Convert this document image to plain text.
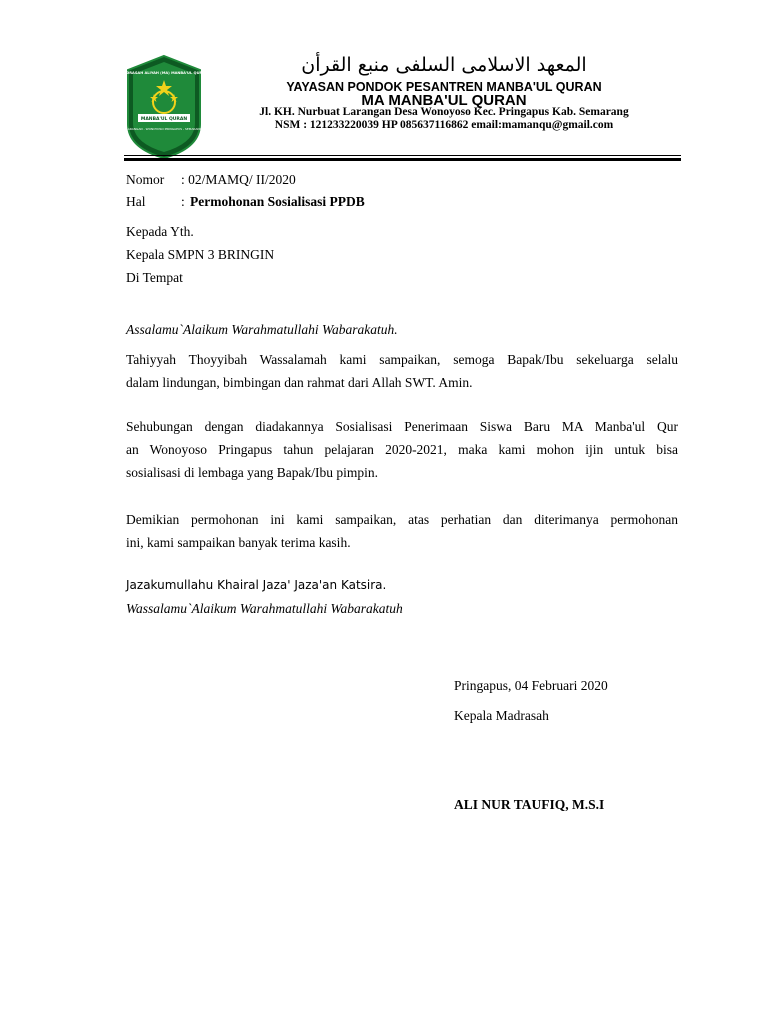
MADRASAH ALIYAH (MA) MANBA'UL QURAN
MANBA'UL QURAN
LARANGAN - WONOYOSO PRINGAPUS - SEMARANG
المعهد الاسلامى السلفى منبع القرأن
YAYASAN PONDOK PESANTREN MANBA'UL QURAN
MA MANBA'UL QURAN
Jl. KH. Nurbuat Larangan Desa Wonoyoso Kec. Pringapus Kab. Semarang
NSM : 121233220039 HP 085637116862 email:mamanqu@gmail.com
Nomor : 02/MAMQ/ II/2020
Hal	: Permohonan Sosialisasi PPDB
Kepada Yth.
Kepala SMPN 3 BRINGIN
Di Tempat
Assalamu`Alaikum Warahmatullahi Wabarakatuh.
Tahiyyah Thoyyibah Wassalamah kami sampaikan, semoga Bapak/Ibu sekeluarga selalu
dalam lindungan, bimbingan dan rahmat dari Allah SWT. Amin.
Sehubungan dengan diadakannya Sosialisasi Penerimaan Siswa Baru MA Manba'ul Qur
an Wonoyoso Pringapus tahun pelajaran 2020-2021, maka kami mohon ijin untuk bisa
sosialisasi di lembaga yang Bapak/Ibu pimpin.
Demikian permohonan ini kami sampaikan, atas perhatian dan diterimanya permohonan
ini, kami sampaikan banyak terima kasih.
Jazakumullahu Khairal Jaza' Jaza'an Katsira.
Wassalamu`Alaikum Warahmatullahi Wabarakatuh
Pringapus, 04 Februari 2020
Kepala Madrasah
ALI NUR TAUFIQ, M.S.I
